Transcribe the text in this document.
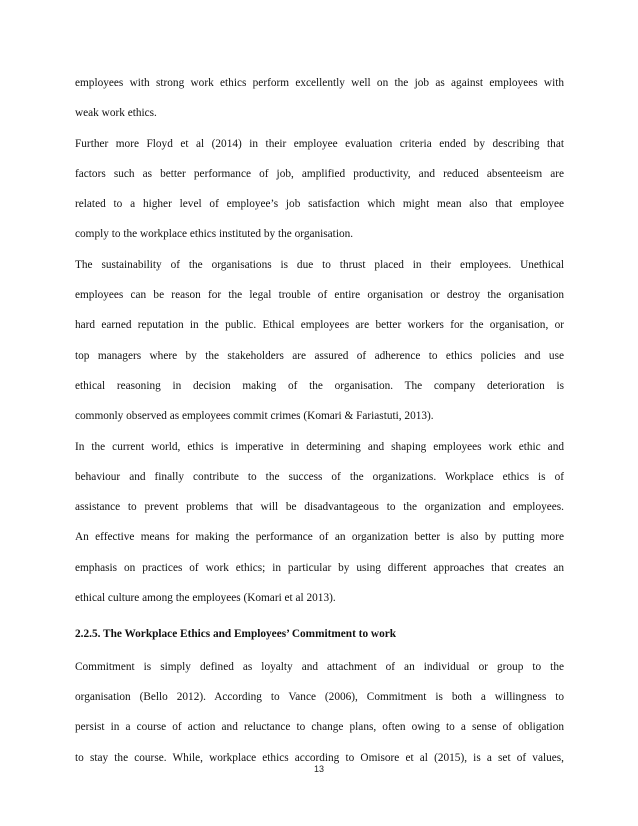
employees with strong work ethics perform excellently well on the job as against employees with
weak work ethics.
Further more Floyd et al (2014) in their employee evaluation criteria ended by describing that
factors such as better performance of job, amplified productivity, and reduced absenteeism are
related to a higher level of employee’s job satisfaction which might mean also that employee
comply to the workplace ethics instituted by the organisation.
The sustainability of the organisations is due to thrust placed in their employees. Unethical
employees can be reason for the legal trouble of entire organisation or destroy the organisation
hard earned reputation in the public. Ethical employees are better workers for the organisation, or
top managers where by the stakeholders are assured of adherence to ethics policies and use
ethical reasoning in decision making of the organisation. The company deterioration is
commonly observed as employees commit crimes (Komari & Fariastuti, 2013).
In the current world, ethics is imperative in determining and shaping employees work ethic and
behaviour and finally contribute to the success of the organizations. Workplace ethics is of
assistance to prevent problems that will be disadvantageous to the organization and employees.
An effective means for making the performance of an organization better is also by putting more
emphasis on practices of work ethics; in particular by using different approaches that creates an
ethical culture among the employees (Komari et al 2013).
2.2.5. The Workplace Ethics and Employees’ Commitment to work
Commitment is simply defined as loyalty and attachment of an individual or group to the
organisation (Bello 2012). According to Vance (2006), Commitment is both a willingness to
persist in a course of action and reluctance to change plans, often owing to a sense of obligation
to stay the course. While, workplace ethics according to Omisore et al (2015), is a set of values,
13
